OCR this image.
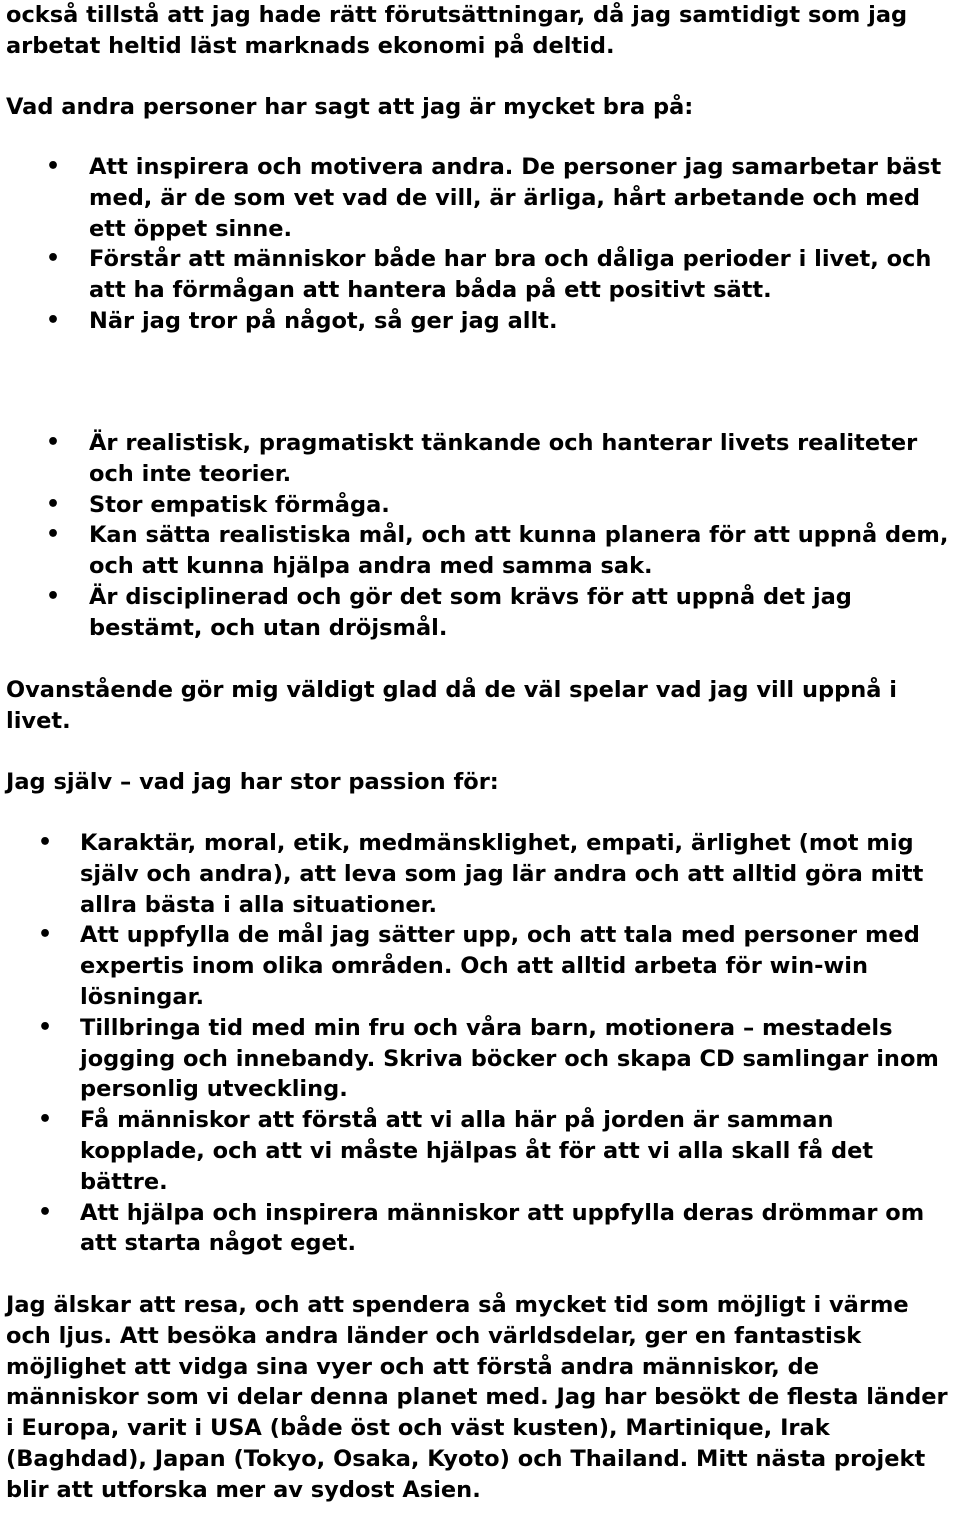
också tillstå att jag hade rätt förutsättningar, då jag samtidigt som jag arbetat heltid läst marknads ekonomi på deltid.

Vad andra personer har sagt att jag är mycket bra på:

• Att inspirera och motivera andra. De personer jag samarbetar bäst med, är de som vet vad de vill, är ärliga, hårt arbetande och med ett öppet sinne.
• Förstår att människor både har bra och dåliga perioder i livet, och att ha förmågan att hantera båda på ett positivt sätt.
• När jag tror på något, så ger jag allt.
• Är realistisk, pragmatiskt tänkande och hanterar livets realiteter och inte teorier.
• Stor empatisk förmåga.
• Kan sätta realistiska mål, och att kunna planera för att uppnå dem, och att kunna hjälpa andra med samma sak.
• Är disciplinerad och gör det som krävs för att uppnå det jag bestämt, och utan dröjsmål.

Ovanstående gör mig väldigt glad då de väl spelar vad jag vill uppnå i livet.

Jag själv – vad jag har stor passion för:

• Karaktär, moral, etik, medmänsklighet, empati, ärlighet (mot mig själv och andra), att leva som jag lär andra och att alltid göra mitt allra bästa i alla situationer.
• Att uppfylla de mål jag sätter upp, och att tala med personer med expertis inom olika områden. Och att alltid arbeta för win-win lösningar.
• Tillbringa tid med min fru och våra barn, motionera – mestadels jogging och innebandy. Skriva böcker och skapa CD samlingar inom personlig utveckling.
• Få människor att förstå att vi alla här på jorden är samman kopplade, och att vi måste hjälpas åt för att vi alla skall få det bättre.
• Att hjälpa och inspirera människor att uppfylla deras drömmar om att starta något eget.

Jag älskar att resa, och att spendera så mycket tid som möjligt i värme och ljus. Att besöka andra länder och världsdelar, ger en fantastisk möjlighet att vidga sina vyer och att förstå andra människor, de människor som vi delar denna planet med. Jag har besökt de flesta länder i Europa, varit i USA (både öst och väst kusten), Martinique, Irak (Baghdad), Japan (Tokyo, Osaka, Kyoto) och Thailand. Mitt nästa projekt blir att utforska mer av sydost Asien.
